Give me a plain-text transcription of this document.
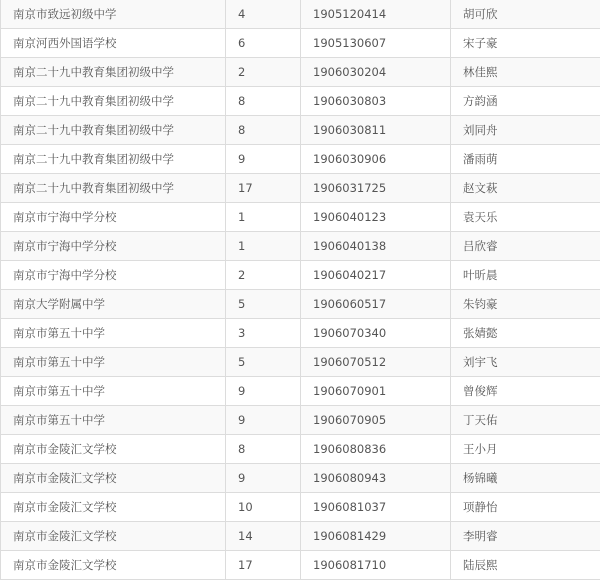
南京市致远初级中学	4	1905120414	胡可欣
南京河西外国语学校	6	1905130607	宋子豪
南京二十九中教育集团初级中学	2	1906030204	林佳熙
南京二十九中教育集团初级中学	8	1906030803	方韵涵
南京二十九中教育集团初级中学	8	1906030811	刘同舟
南京二十九中教育集团初级中学	9	1906030906	潘雨萌
南京二十九中教育集团初级中学	17	1906031725	赵文萩
南京市宁海中学分校	1	1906040123	袁天乐
南京市宁海中学分校	1	1906040138	吕欣睿
南京市宁海中学分校	2	1906040217	叶昕晨
南京大学附属中学	5	1906060517	朱钧豪
南京市第五十中学	3	1906070340	张婧懿
南京市第五十中学	5	1906070512	刘宇飞
南京市第五十中学	9	1906070901	曾俊辉
南京市第五十中学	9	1906070905	丁天佑
南京市金陵汇文学校	8	1906080836	王小月
南京市金陵汇文学校	9	1906080943	杨锦曦
南京市金陵汇文学校	10	1906081037	项静怡
南京市金陵汇文学校	14	1906081429	李明睿
南京市金陵汇文学校	17	1906081710	陆辰熙
